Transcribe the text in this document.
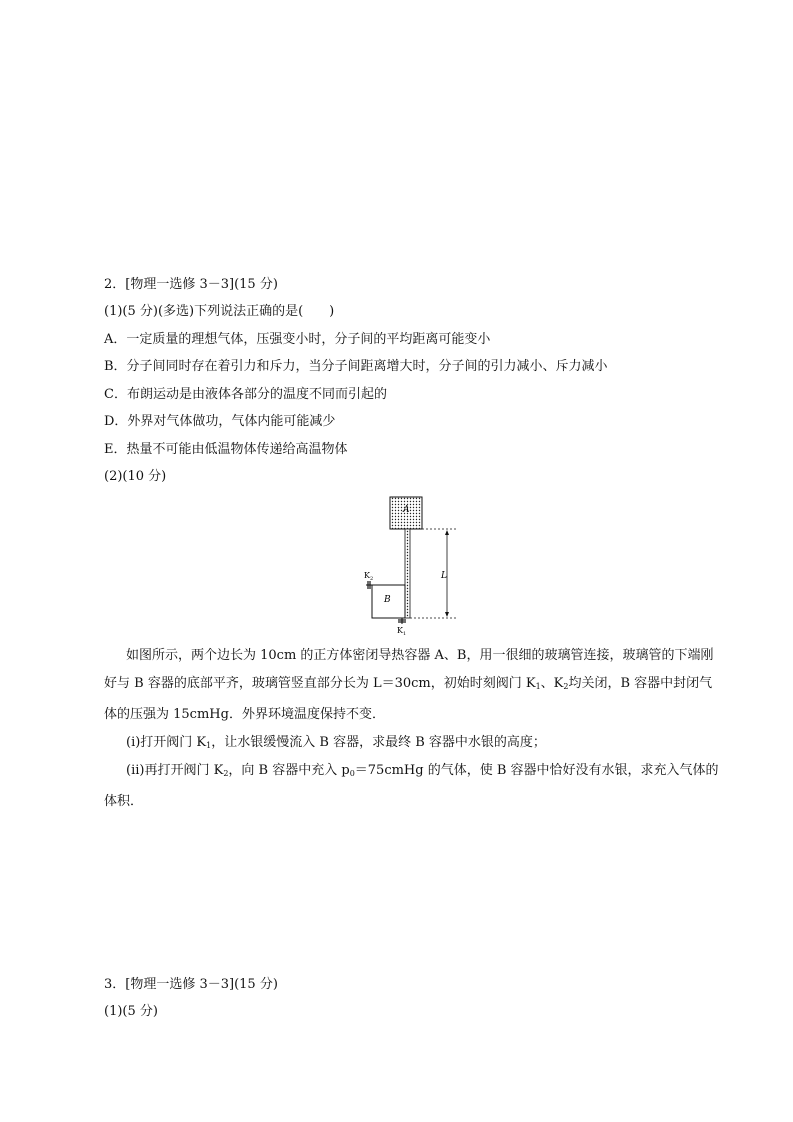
2．[物理一选修 3－3](15 分)
(1)(5 分)(多选)下列说法正确的是(　　)
A．一定质量的理想气体，压强变小时，分子间的平均距离可能变小
B．分子间同时存在着引力和斥力，当分子间距离增大时，分子间的引力减小、斥力减小
C．布朗运动是由液体各部分的温度不同而引起的
D．外界对气体做功，气体内能可能减少
E．热量不可能由低温物体传递给高温物体
(2)(10 分)
A
B
$K_2$
$K_1$
L
如图所示，两个边长为 10cm 的正方体密闭导热容器 A、B，用一很细的玻璃管连接，玻璃管的下端刚好与 B 容器的底部平齐，玻璃管竖直部分长为 L＝30cm，初始时刻阀门 $K_1$、$K_2$均关闭，B 容器中封闭气体的压强为 15cmHg．外界环境温度保持不变．
(ⅰ)打开阀门 $K_1$，让水银缓慢流入 B 容器，求最终 B 容器中水银的高度；
(ⅱ)再打开阀门 $K_2$，向 B 容器中充入 $p_0=75cmHg$ 的气体，使 B 容器中恰好没有水银，求充入气体的体积．
3．[物理一选修 3－3](15 分)
(1)(5 分)
